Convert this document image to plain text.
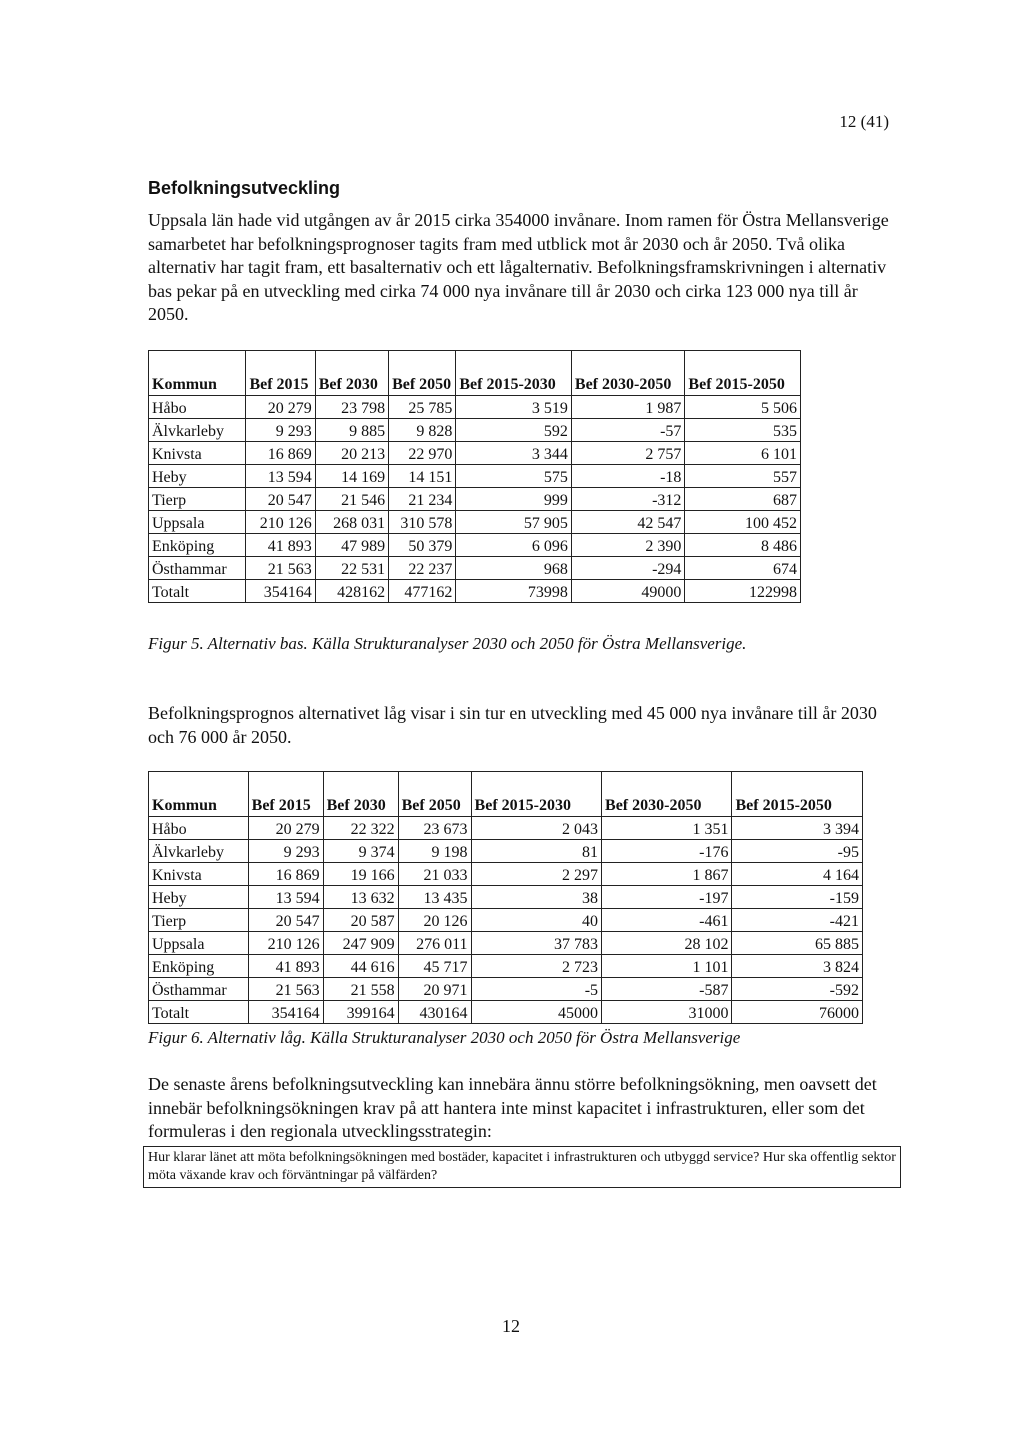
12 (41)
Befolkningsutveckling
Uppsala län hade vid utgången av år 2015 cirka 354000 invånare. Inom ramen för Östra Mellansverige samarbetet har befolkningsprognoser tagits fram med utblick mot år 2030 och år 2050. Två olika alternativ har tagit fram, ett basalternativ och ett lågalternativ. Befolkningsframskrivningen i alternativ bas pekar på en utveckling med cirka 74 000 nya invånare till år 2030 och cirka 123 000 nya till år 2050.
Kommun	Bef 2015	Bef 2030	Bef 2050	Bef 2015-2030	Bef 2030-2050	Bef 2015-2050
Håbo	20 279	23 798	25 785	3 519	1 987	5 506
Älvkarleby	9 293	9 885	9 828	592	-57	535
Knivsta	16 869	20 213	22 970	3 344	2 757	6 101
Heby	13 594	14 169	14 151	575	-18	557
Tierp	20 547	21 546	21 234	999	-312	687
Uppsala	210 126	268 031	310 578	57 905	42 547	100 452
Enköping	41 893	47 989	50 379	6 096	2 390	8 486
Östhammar	21 563	22 531	22 237	968	-294	674
Totalt	354164	428162	477162	73998	49000	122998
Figur 5. Alternativ bas. Källa Strukturanalyser 2030 och 2050 för Östra Mellansverige.
Befolkningsprognos alternativet låg visar i sin tur en utveckling med 45 000 nya invånare till år 2030 och 76 000 år 2050.
Kommun	Bef 2015	Bef 2030	Bef 2050	Bef 2015-2030	Bef 2030-2050	Bef 2015-2050
Håbo	20 279	22 322	23 673	2 043	1 351	3 394
Älvkarleby	9 293	9 374	9 198	81	-176	-95
Knivsta	16 869	19 166	21 033	2 297	1 867	4 164
Heby	13 594	13 632	13 435	38	-197	-159
Tierp	20 547	20 587	20 126	40	-461	-421
Uppsala	210 126	247 909	276 011	37 783	28 102	65 885
Enköping	41 893	44 616	45 717	2 723	1 101	3 824
Östhammar	21 563	21 558	20 971	-5	-587	-592
Totalt	354164	399164	430164	45000	31000	76000
Figur 6. Alternativ låg. Källa Strukturanalyser 2030 och 2050 för Östra Mellansverige
De senaste årens befolkningsutveckling kan innebära ännu större befolkningsökning, men oavsett det innebär befolkningsökningen krav på att hantera inte minst kapacitet i infrastrukturen, eller som det formuleras i den regionala utvecklingsstrategin:
Hur klarar länet att möta befolkningsökningen med bostäder, kapacitet i infrastrukturen och utbyggd service? Hur ska offentlig sektor möta växande krav och förväntningar på välfärden?
12
